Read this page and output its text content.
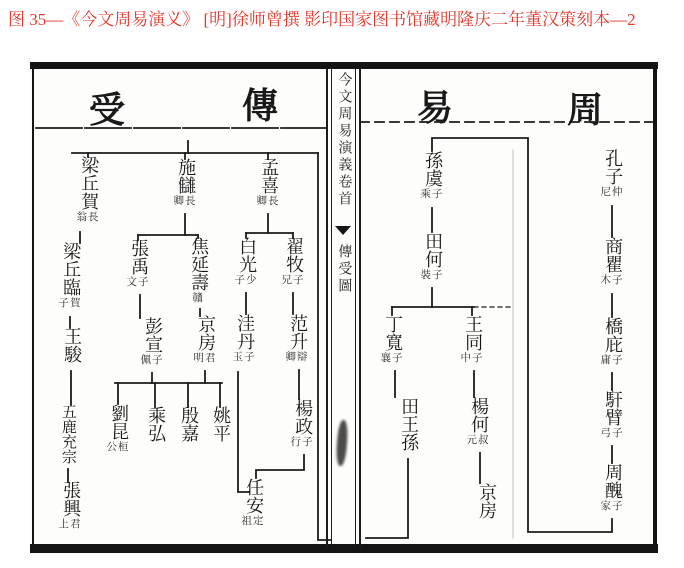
图 35—《今文周易演义》 [明]徐师曾撰 影印国家图书馆藏明隆庆二年董汉策刻本—2
今文周易演義卷首
傳受圖
受	傳	易	周
孔子
仲尼
商瞿
子木
橋庇
子庸
馯臂
子弓
周醜
子家
孫虞
子乘
田何
子裝
王同
子中
楊何
叔元
京房
丁寬
子襄
田王孫
孟喜
長卿
施讎
長卿
梁丘賀
長翁
翟牧
子兄
白光
少子
焦延壽
贛
張禹
子文
梁丘臨
賀子
范升
辯卿
洼丹
子玉
京房
君明
彭宣
子佩
王駿
楊政
子行
姚平
殷嘉
乘弘
劉昆
桓公
五鹿充宗
任安
定祖
張興
君上
